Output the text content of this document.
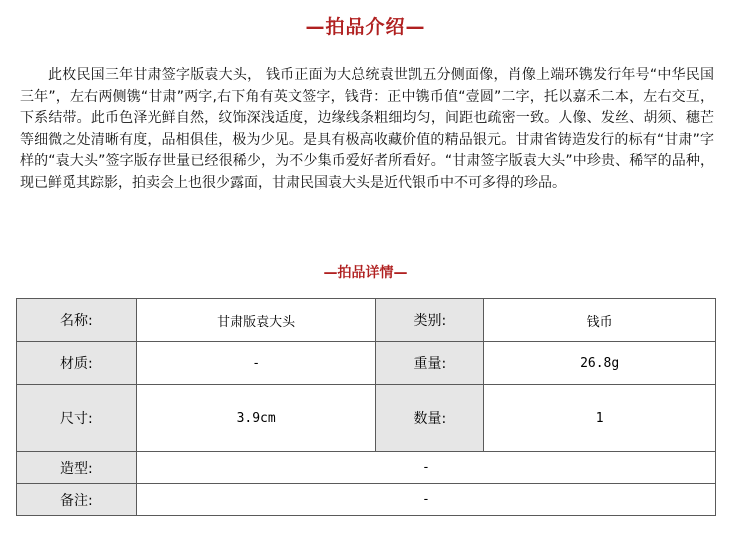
—拍品介绍—

此枚民国三年甘肃签字版袁大头， 钱币正面为大总统袁世凯五分侧面像，肖像上端环镌发行年号“中华民国三年”，左右两侧镌“甘肃”两字,右下角有英文签字，钱背：正中镌币值“壹圆”二字，托以嘉禾二本，左右交互，下系结带。此币色泽光鲜自然，纹饰深浅适度，边缘线条粗细均匀，间距也疏密一致。人像、发丝、胡须、穗芒等细微之处清晰有度，品相俱佳，极为少见。是具有极高收藏价值的精品银元。甘肃省铸造发行的标有“甘肃”字样的“袁大头”签字版存世量已经很稀少，为不少集币爱好者所看好。“甘肃签字版袁大头”中珍贵、稀罕的品种，现已鲜觅其踪影，拍卖会上也很少露面，甘肃民国袁大头是近代银币中不可多得的珍品。

—拍品详情—
名称:	甘肃版袁大头	类别:	钱币
材质:	-	重量:	26.8g
尺寸:	3.9cm	数量:	1
造型:	-		
备注:	-		
